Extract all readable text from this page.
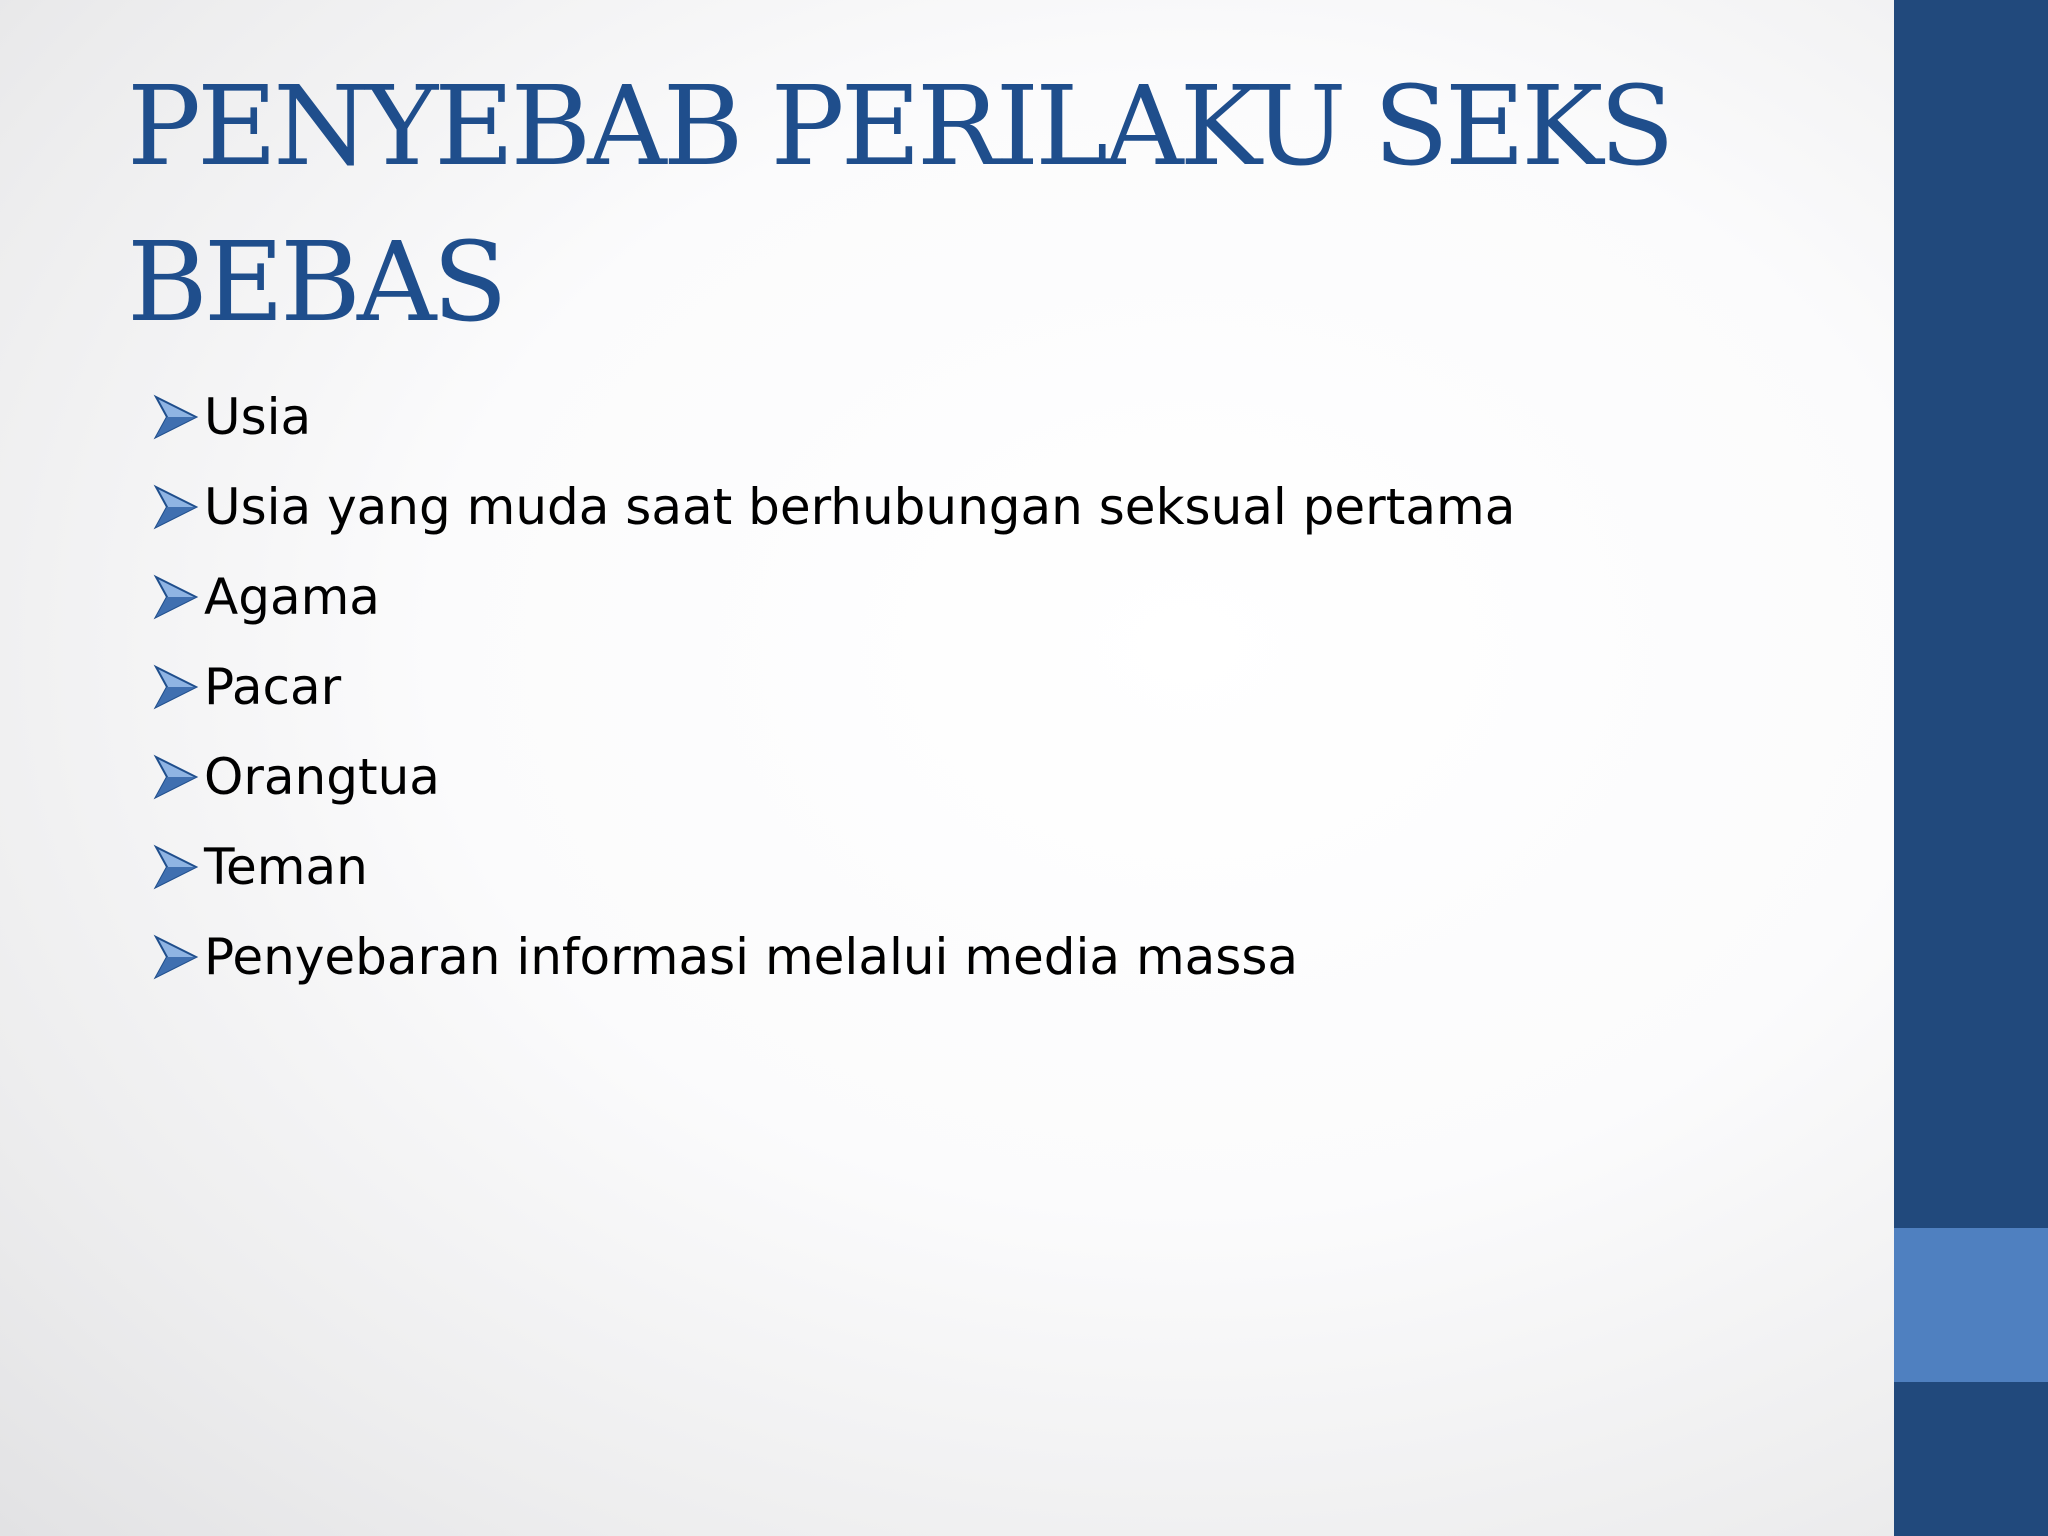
PENYEBAB PERILAKU SEKS BEBAS
Usia
Usia yang muda saat berhubungan seksual pertama
Agama
Pacar
Orangtua
Teman
Penyebaran informasi melalui media massa
